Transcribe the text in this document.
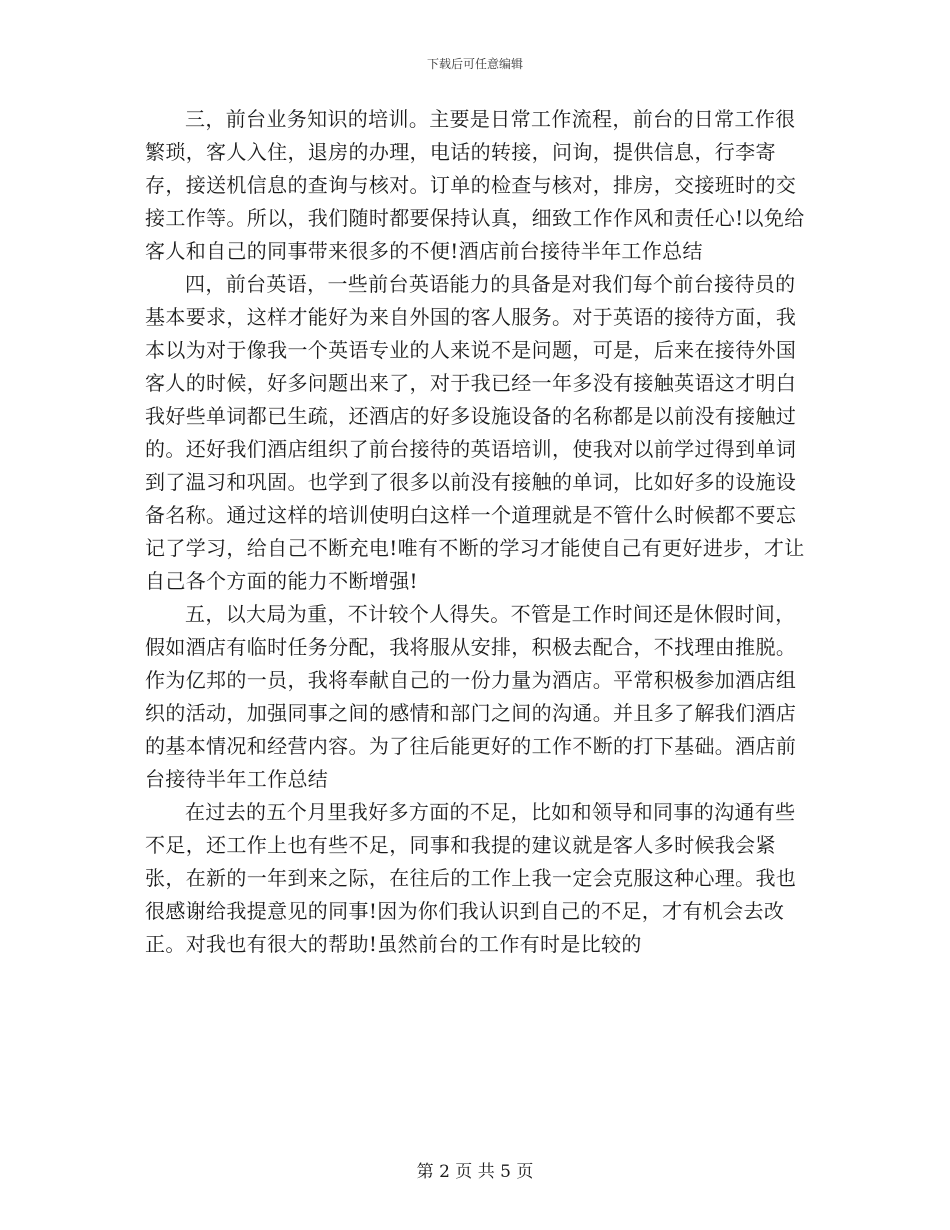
下载后可任意编辑

三，前台业务知识的培训。主要是日常工作流程，前台的日常工作很繁琐，客人入住，退房的办理，电话的转接，问询，提供信息，行李寄存，接送机信息的查询与核对。订单的检查与核对，排房，交接班时的交接工作等。所以，我们随时都要保持认真，细致工作作风和责任心!以免给客人和自己的同事带来很多的不便!酒店前台接待半年工作总结

四，前台英语，一些前台英语能力的具备是对我们每个前台接待员的基本要求，这样才能好为来自外国的客人服务。对于英语的接待方面，我本以为对于像我一个英语专业的人来说不是问题，可是，后来在接待外国客人的时候，好多问题出来了，对于我已经一年多没有接触英语这才明白我好些单词都已生疏，还酒店的好多设施设备的名称都是以前没有接触过的。还好我们酒店组织了前台接待的英语培训，使我对以前学过得到单词到了温习和巩固。也学到了很多以前没有接触的单词，比如好多的设施设备名称。通过这样的培训使明白这样一个道理就是不管什么时候都不要忘记了学习，给自己不断充电!唯有不断的学习才能使自己有更好进步，才让自己各个方面的能力不断增强!

五，以大局为重，不计较个人得失。不管是工作时间还是休假时间，假如酒店有临时任务分配，我将服从安排，积极去配合，不找理由推脱。作为亿邦的一员，我将奉献自己的一份力量为酒店。平常积极参加酒店组织的活动，加强同事之间的感情和部门之间的沟通。并且多了解我们酒店的基本情况和经营内容。为了往后能更好的工作不断的打下基础。酒店前台接待半年工作总结

在过去的五个月里我好多方面的不足，比如和领导和同事的沟通有些不足，还工作上也有些不足，同事和我提的建议就是客人多时候我会紧张，在新的一年到来之际，在往后的工作上我一定会克服这种心理。我也很感谢给我提意见的同事!因为你们我认识到自己的不足，才有机会去改正。对我也有很大的帮助!虽然前台的工作有时是比较的

第 2 页 共 5 页
